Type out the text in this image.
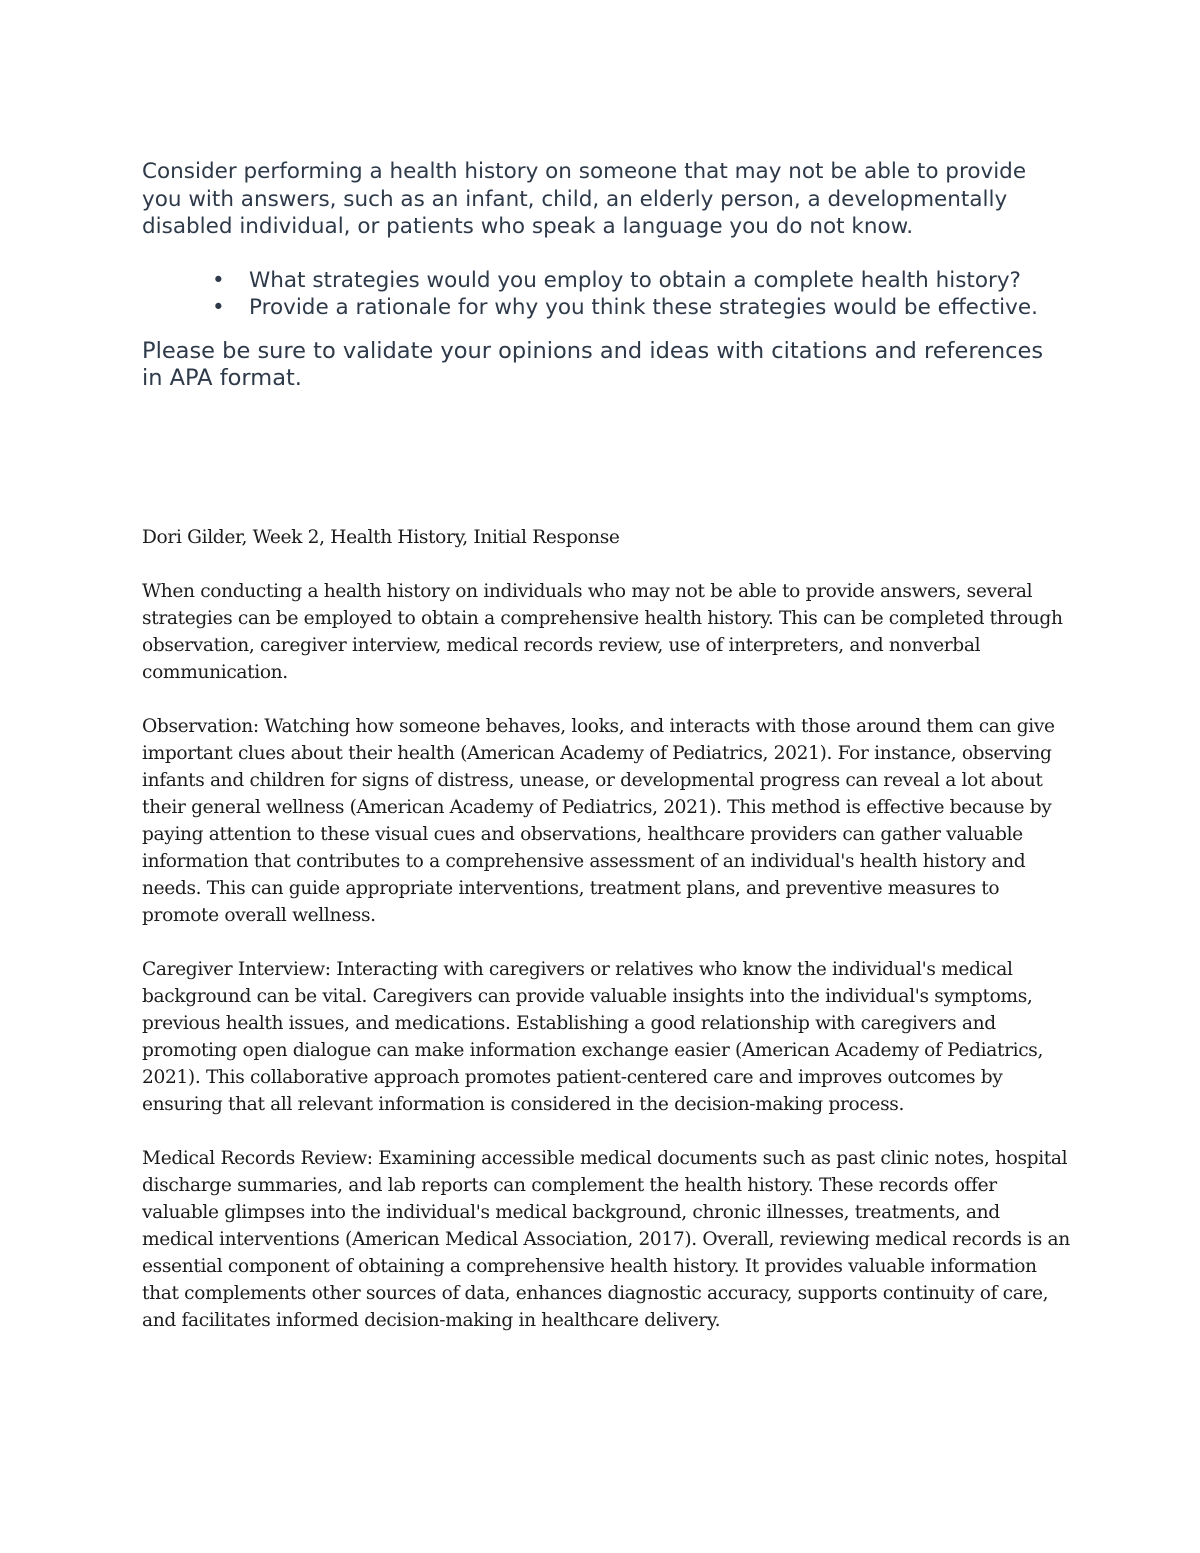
Consider performing a health history on someone that may not be able to provide you with answers, such as an infant, child, an elderly person, a developmentally disabled individual, or patients who speak a language you do not know.

• What strategies would you employ to obtain a complete health history?
• Provide a rationale for why you think these strategies would be effective.

Please be sure to validate your opinions and ideas with citations and references in APA format.

Dori Gilder, Week 2, Health History, Initial Response

When conducting a health history on individuals who may not be able to provide answers, several strategies can be employed to obtain a comprehensive health history. This can be completed through observation, caregiver interview, medical records review, use of interpreters, and nonverbal communication.

Observation: Watching how someone behaves, looks, and interacts with those around them can give important clues about their health (American Academy of Pediatrics, 2021). For instance, observing infants and children for signs of distress, unease, or developmental progress can reveal a lot about their general wellness (American Academy of Pediatrics, 2021). This method is effective because by paying attention to these visual cues and observations, healthcare providers can gather valuable information that contributes to a comprehensive assessment of an individual's health history and needs. This can guide appropriate interventions, treatment plans, and preventive measures to promote overall wellness.

Caregiver Interview: Interacting with caregivers or relatives who know the individual's medical background can be vital. Caregivers can provide valuable insights into the individual's symptoms, previous health issues, and medications. Establishing a good relationship with caregivers and promoting open dialogue can make information exchange easier (American Academy of Pediatrics, 2021). This collaborative approach promotes patient-centered care and improves outcomes by ensuring that all relevant information is considered in the decision-making process.

Medical Records Review: Examining accessible medical documents such as past clinic notes, hospital discharge summaries, and lab reports can complement the health history. These records offer valuable glimpses into the individual's medical background, chronic illnesses, treatments, and medical interventions (American Medical Association, 2017). Overall, reviewing medical records is an essential component of obtaining a comprehensive health history. It provides valuable information that complements other sources of data, enhances diagnostic accuracy, supports continuity of care, and facilitates informed decision-making in healthcare delivery.
